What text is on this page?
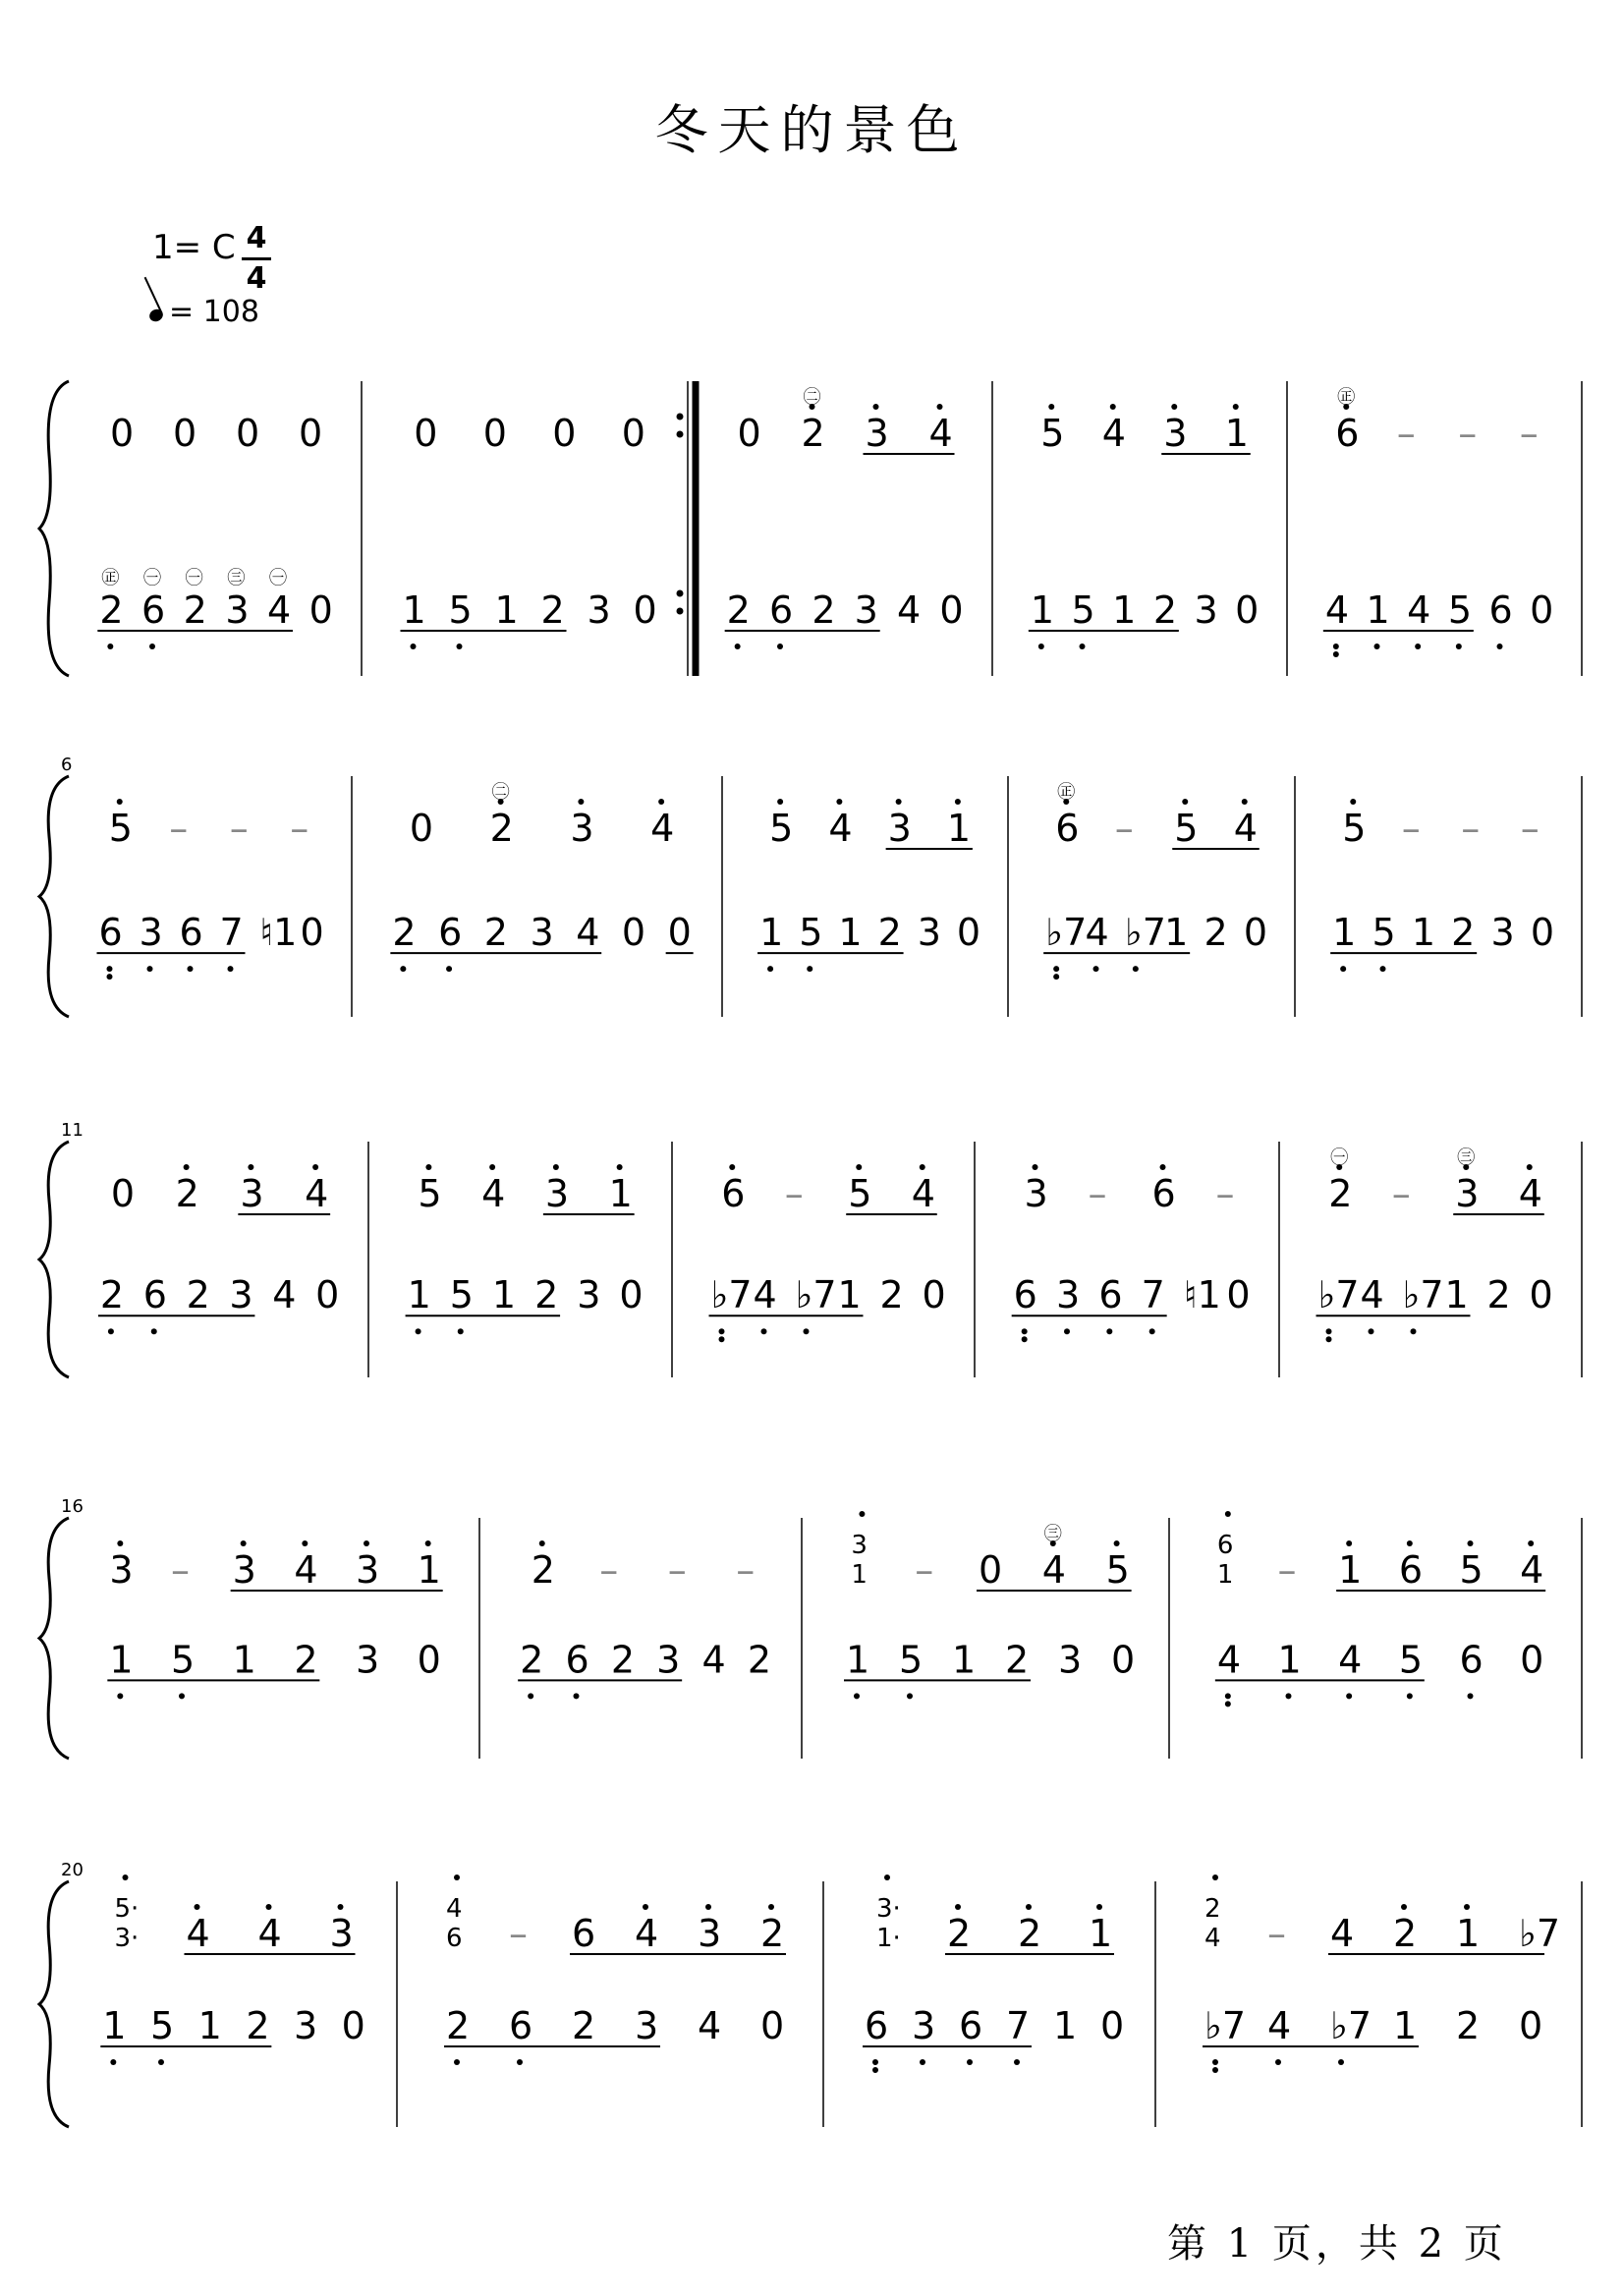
冬天的景色
1= C 4
4
= 108
0 0 0 0
2
㊣
6
㊀
2
㊀
3
㊂
4
㊀
0
0 0 0 0
1 5 1 2 3 0
0 2
㊁
3 4
2 6 2 3 4 0
5 4 3 1
1 5 1 2 3 0
6
㊣
– – –
4 1 4 5 6 0
6
5 – – –
6 3 6 7 ♮1 0
0 2
㊁
3 4
2 6 2 3 4 0 0
5 4 3 1
1 5 1 2 3 0
6
㊣
– 5 4
♭7
4 ♭7
1 2 0
5 – – –
1 5 1 2 3 0
11
0 2 3 4
2 6 2 3 4 0
5 4 3 1
1 5 1 2 3 0
6 – 5 4
♭7 4 ♭7 1 2 0
3 – 6 –
6 3 6 7 ♮1 0
2
㊀
– 3
㊂
4
♭7 4 ♭7 1 2 0
16
3 – 3 4 3 1
1 5 1 2 3 0
2 – – –
2 6 2 3 4 2
3
1 – 0 4
㊂
5
1 5 1 2 3 0
6
1 – 1 6 5 4
4 1 4 5 6 0
20
5·
3· 4 4 3
1 5 1 2 3 0
4
6 – 6 4 3 2
2 6 2 3 4 0
3·
1· 2 2 1
6 3 6 7 1 0
2
4 – 4 2 1 ♭7
♭7 4 ♭7 1 2 0
第 1 页，共 2 页
